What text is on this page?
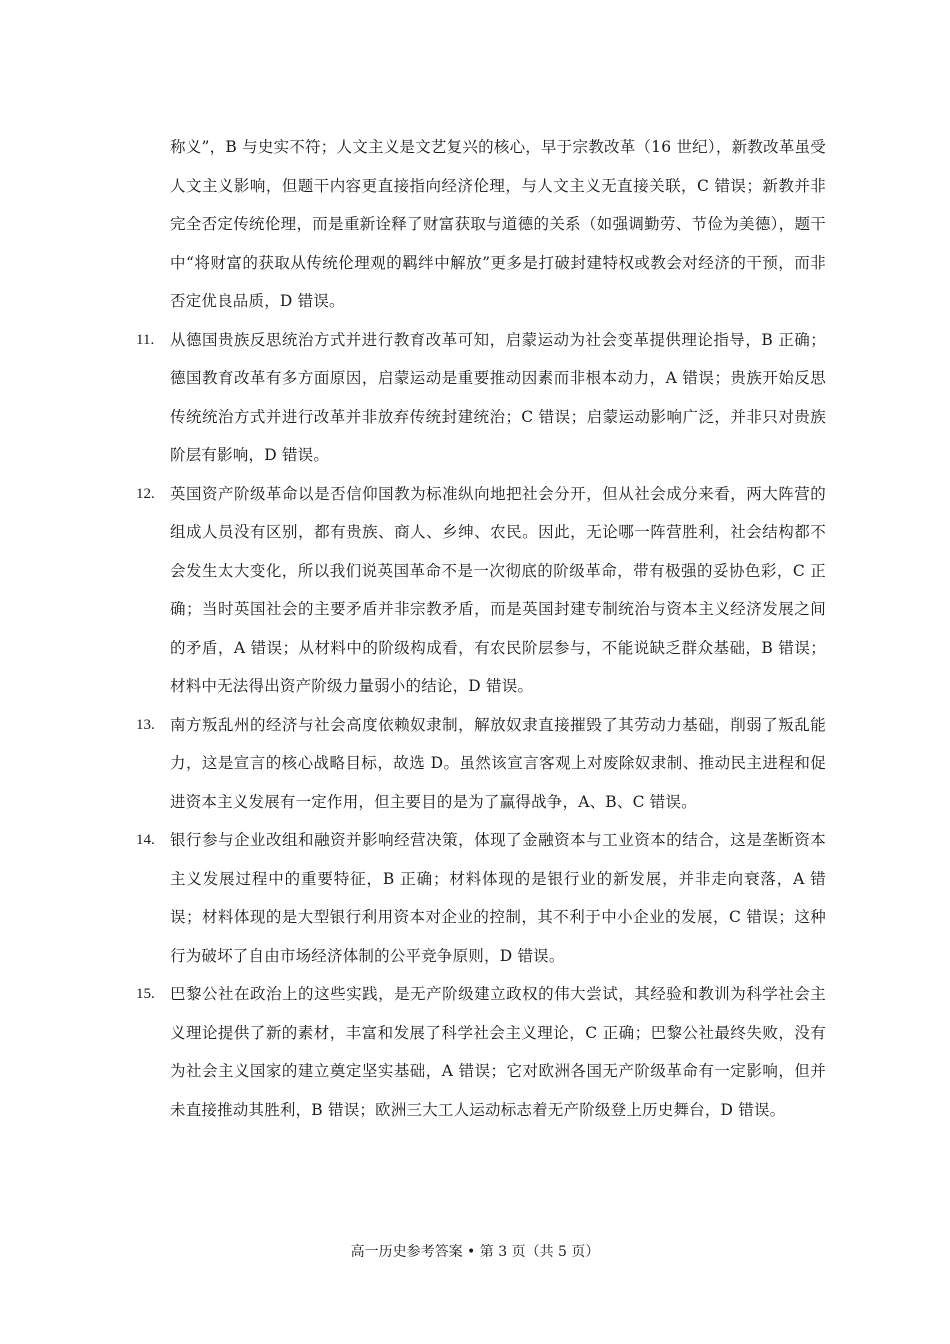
称义”，B 与史实不符；人文主义是文艺复兴的核心，早于宗教改革（16 世纪），新教改革虽受人文主义影响，但题干内容更直接指向经济伦理，与人文主义无直接关联，C 错误；新教并非完全否定传统伦理，而是重新诠释了财富获取与道德的关系（如强调勤劳、节俭为美德），题干中“将财富的获取从传统伦理观的羁绊中解放”更多是打破封建特权或教会对经济的干预，而非否定优良品质，D 错误。
11. 从德国贵族反思统治方式并进行教育改革可知，启蒙运动为社会变革提供理论指导，B 正确；德国教育改革有多方面原因，启蒙运动是重要推动因素而非根本动力，A 错误；贵族开始反思传统统治方式并进行改革并非放弃传统封建统治；C 错误；启蒙运动影响广泛，并非只对贵族阶层有影响，D 错误。
12. 英国资产阶级革命以是否信仰国教为标准纵向地把社会分开，但从社会成分来看，两大阵营的组成人员没有区别，都有贵族、商人、乡绅、农民。因此，无论哪一阵营胜利，社会结构都不会发生太大变化，所以我们说英国革命不是一次彻底的阶级革命，带有极强的妥协色彩，C 正确；当时英国社会的主要矛盾并非宗教矛盾，而是英国封建专制统治与资本主义经济发展之间的矛盾，A 错误；从材料中的阶级构成看，有农民阶层参与，不能说缺乏群众基础，B 错误；材料中无法得出资产阶级力量弱小的结论，D 错误。
13. 南方叛乱州的经济与社会高度依赖奴隶制，解放奴隶直接摧毁了其劳动力基础，削弱了叛乱能力，这是宣言的核心战略目标，故选 D。虽然该宣言客观上对废除奴隶制、推动民主进程和促进资本主义发展有一定作用，但主要目的是为了赢得战争，A、B、C 错误。
14. 银行参与企业改组和融资并影响经营决策，体现了金融资本与工业资本的结合，这是垄断资本主义发展过程中的重要特征，B 正确；材料体现的是银行业的新发展，并非走向衰落，A 错误；材料体现的是大型银行利用资本对企业的控制，其不利于中小企业的发展，C 错误；这种行为破坏了自由市场经济体制的公平竞争原则，D 错误。
15. 巴黎公社在政治上的这些实践，是无产阶级建立政权的伟大尝试，其经验和教训为科学社会主义理论提供了新的素材，丰富和发展了科学社会主义理论，C 正确；巴黎公社最终失败，没有为社会主义国家的建立奠定坚实基础，A 错误；它对欧洲各国无产阶级革命有一定影响，但并未直接推动其胜利，B 错误；欧洲三大工人运动标志着无产阶级登上历史舞台，D 错误。
高一历史参考答案 • 第 3 页（共 5 页）
